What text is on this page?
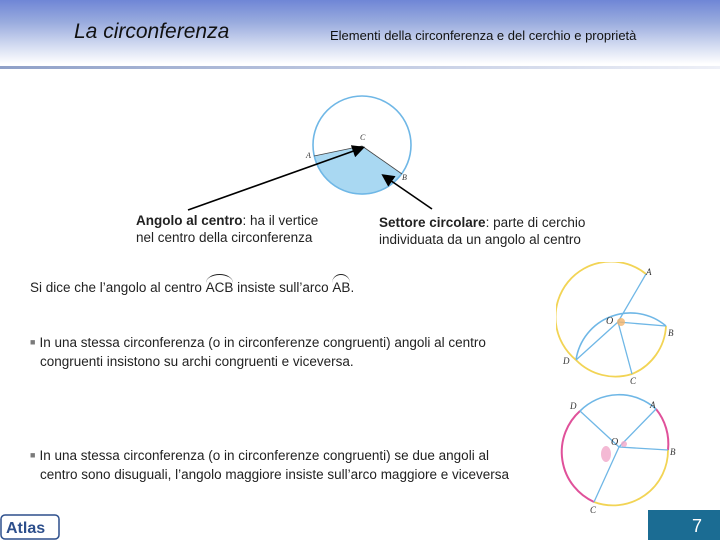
La circonferenza	Elementi della circonferenza e del cerchio e proprietà
A
C
B
Angolo al centro: ha il vertice
nel centro della circonferenza
Settore circolare: parte di cerchio
individuata da un angolo al centro
Si dice che l’angolo al centro ACB insiste sull’arco AB.
■ In una stessa circonferenza (o in circonferenze congruenti) angoli al centro
congruenti insistono su archi congruenti e viceversa.
■ In una stessa circonferenza (o in circonferenze congruenti) se due angoli al
centro sono disuguali, l’angolo maggiore insiste sull’arco maggiore e viceversa
A
B
C
D
O
A
B
C
D
O
Atlas	7
